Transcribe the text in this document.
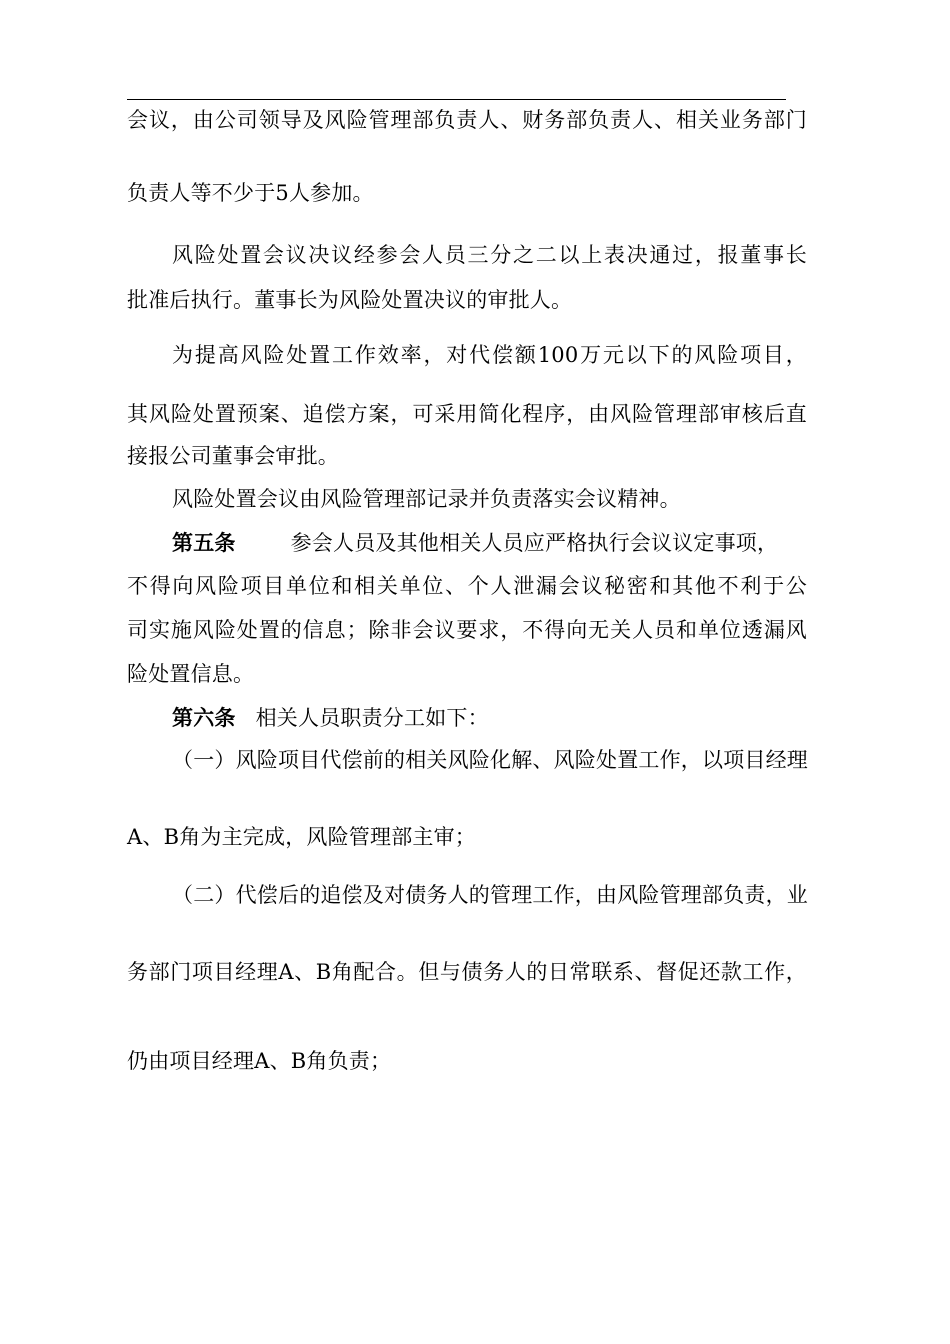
会议，由公司领导及风险管理部负责人、财务部负责人、相关业务部门
负责人等不少于5人参加。
风险处置会议决议经参会人员三分之二以上表决通过，报董事长
批准后执行。董事长为风险处置决议的审批人。
为提高风险处置工作效率，对代偿额100万元以下的风险项目，
其风险处置预案、追偿方案，可采用简化程序，由风险管理部审核后直
接报公司董事会审批。
风险处置会议由风险管理部记录并负责落实会议精神。
第五条	参会人员及其他相关人员应严格执行会议议定事项，
不得向风险项目单位和相关单位、个人泄漏会议秘密和其他不利于公
司实施风险处置的信息；除非会议要求，不得向无关人员和单位透漏风
险处置信息。
第六条 相关人员职责分工如下：
（一）风险项目代偿前的相关风险化解、风险处置工作，以项目经理
A、B角为主完成，风险管理部主审；
（二）代偿后的追偿及对债务人的管理工作，由风险管理部负责，业
务部门项目经理A、B角配合。但与债务人的日常联系、督促还款工作，
仍由项目经理A、B角负责；
